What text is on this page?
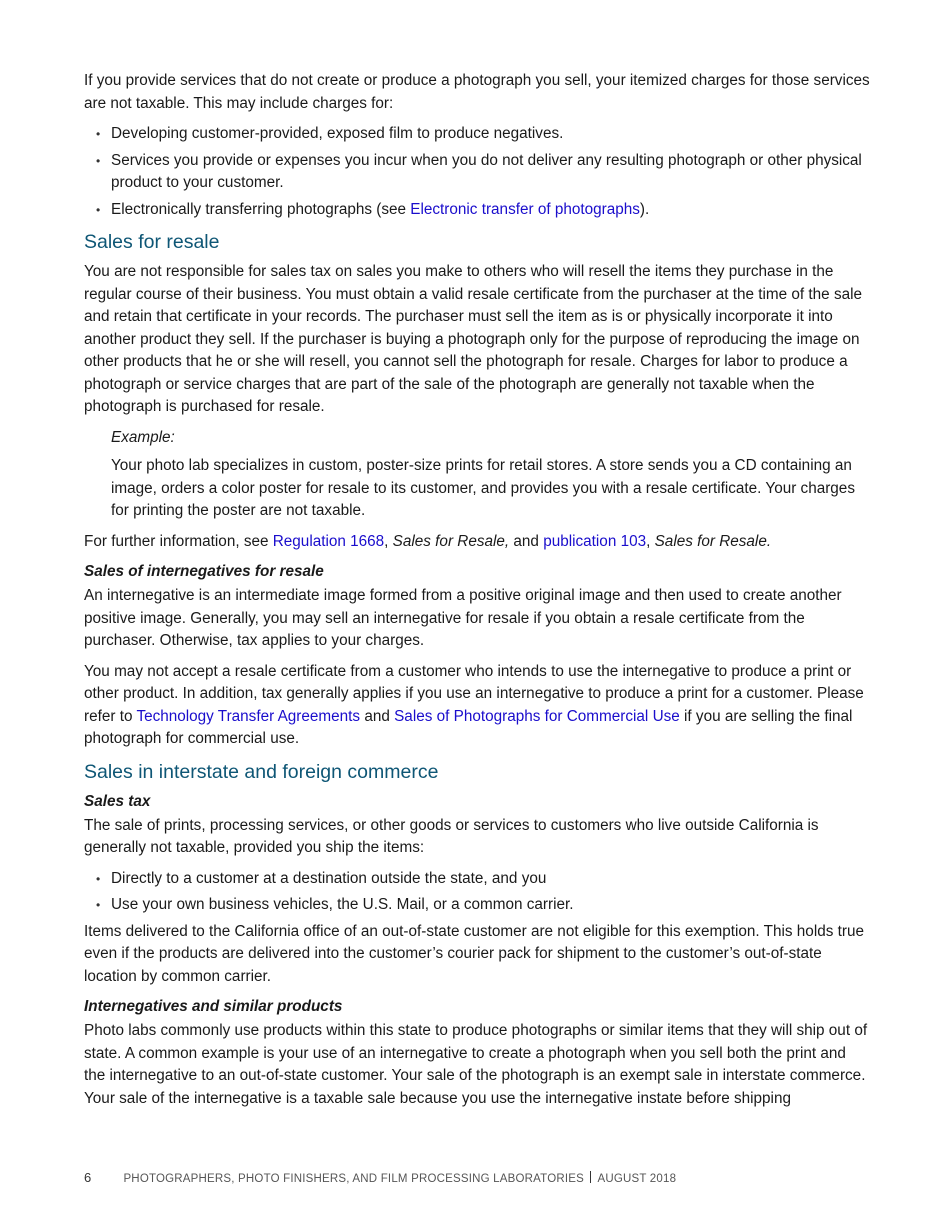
If you provide services that do not create or produce a photograph you sell, your itemized charges for those services are not taxable. This may include charges for:

• Developing customer-provided, exposed film to produce negatives.
• Services you provide or expenses you incur when you do not deliver any resulting photograph or other physical product to your customer.
• Electronically transferring photographs (see Electronic transfer of photographs).
Sales for resale

You are not responsible for sales tax on sales you make to others who will resell the items they purchase in the regular course of their business. You must obtain a valid resale certificate from the purchaser at the time of the sale and retain that certificate in your records. The purchaser must sell the item as is or physically incorporate it into another product they sell. If the purchaser is buying a photograph only for the purpose of reproducing the image on other products that he or she will resell, you cannot sell the photograph for resale. Charges for labor to produce a photograph or service charges that are part of the sale of the photograph are generally not taxable when the photograph is purchased for resale.

Example:

Your photo lab specializes in custom, poster-size prints for retail stores. A store sends you a CD containing an image, orders a color poster for resale to its customer, and provides you with a resale certificate. Your charges for printing the poster are not taxable.

For further information, see Regulation 1668, Sales for Resale, and publication 103, Sales for Resale.

Sales of internegatives for resale

An internegative is an intermediate image formed from a positive original image and then used to create another positive image. Generally, you may sell an internegative for resale if you obtain a resale certificate from the purchaser. Otherwise, tax applies to your charges.

You may not accept a resale certificate from a customer who intends to use the internegative to produce a print or other product. In addition, tax generally applies if you use an internegative to produce a print for a customer. Please refer to Technology Transfer Agreements and Sales of Photographs for Commercial Use if you are selling the final photograph for commercial use.

Sales in interstate and foreign commerce
Sales tax

The sale of prints, processing services, or other goods or services to customers who live outside California is generally not taxable, provided you ship the items:

• Directly to a customer at a destination outside the state, and you
• Use your own business vehicles, the U.S. Mail, or a common carrier.

Items delivered to the California office of an out-of-state customer are not eligible for this exemption. This holds true even if the products are delivered into the customer’s courier pack for shipment to the customer’s out-of-state location by common carrier.

Internegatives and similar products

Photo labs commonly use products within this state to produce photographs or similar items that they will ship out of state. A common example is your use of an internegative to create a photograph when you sell both the print and the internegative to an out-of-state customer. Your sale of the photograph is an exempt sale in interstate commerce. Your sale of the internegative is a taxable sale because you use the internegative instate before shipping

6	PHOTOGRAPHERS, PHOTO FINISHERS, AND FILM PROCESSING LABORATORIES AUGUST 2018
